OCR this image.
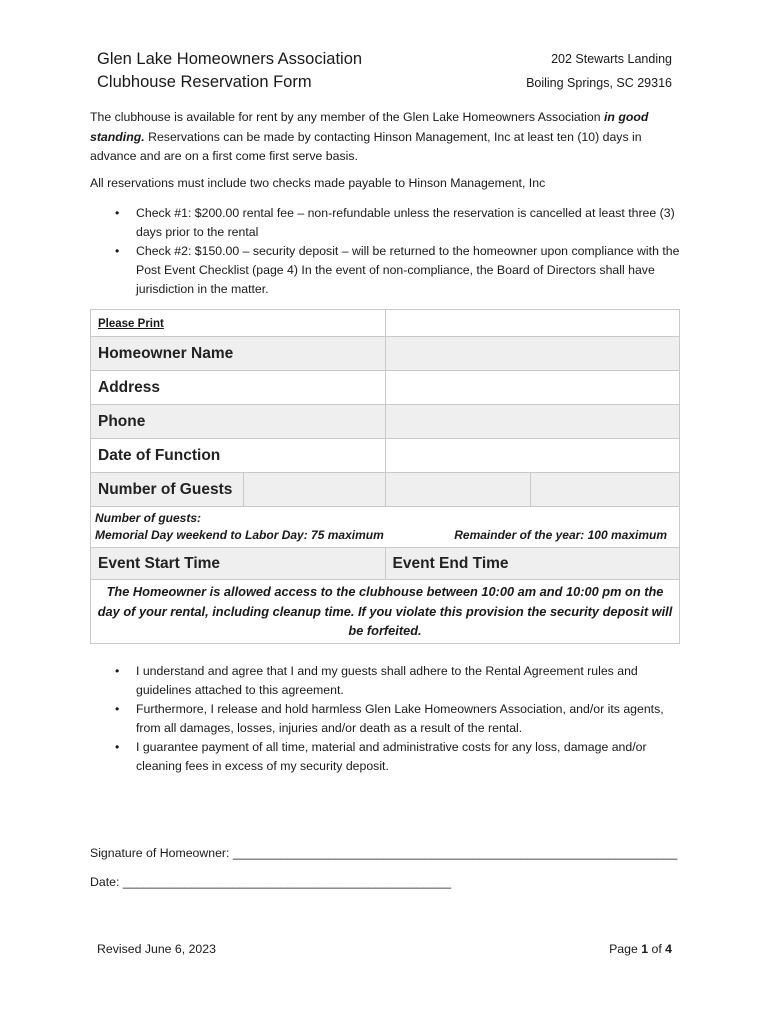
Glen Lake Homeowners Association
Clubhouse Reservation Form
202 Stewarts Landing
Boiling Springs, SC 29316
The clubhouse is available for rent by any member of the Glen Lake Homeowners Association in good standing. Reservations can be made by contacting Hinson Management, Inc at least ten (10) days in advance and are on a first come first serve basis.
All reservations must include two checks made payable to Hinson Management, Inc
• Check #1: $200.00 rental fee – non-refundable unless the reservation is cancelled at least three (3) days prior to the rental
• Check #2: $150.00 – security deposit – will be returned to the homeowner upon compliance with the Post Event Checklist (page 4) In the event of non-compliance, the Board of Directors shall have jurisdiction in the matter.
Please Print			
Homeowner Name			
Address			
Phone			
Date of Function			
Number of Guests			

Number of guests:
Memorial Day weekend to Labor Day: 75 maximum Remainder of the year: 100 maximum			

Event Start Time		Event End Time	
The Homeowner is allowed access to the clubhouse between 10:00 am and 10:00 pm on the day of your rental, including cleanup time. If you violate this provision the security deposit will be forfeited.			
• I understand and agree that I and my guests shall adhere to the Rental Agreement rules and guidelines attached to this agreement.
• Furthermore, I release and hold harmless Glen Lake Homeowners Association, and/or its agents, from all damages, losses, injuries and/or death as a result of the rental.
• I guarantee payment of all time, material and administrative costs for any loss, damage and/or cleaning fees in excess of my security deposit.
Signature of Homeowner: _________________________________________________________________
Date: ________________________________________________
Revised June 6, 2023	Page 1 of 4
